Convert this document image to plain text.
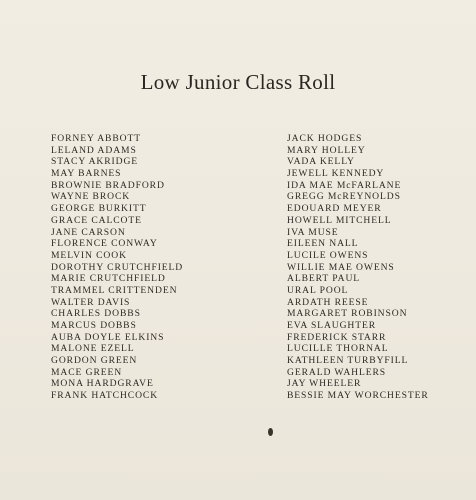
Low Junior Class Roll
FORNEY ABBOTT
LELAND ADAMS
STACY AKRIDGE
MAY BARNES
BROWNIE BRADFORD
WAYNE BROCK
GEORGE BURKITT
GRACE CALCOTE
JANE CARSON
FLORENCE CONWAY
MELVIN COOK
DOROTHY CRUTCHFIELD
MARIE CRUTCHFIELD
TRAMMEL CRITTENDEN
WALTER DAVIS
CHARLES DOBBS
MARCUS DOBBS
AUBA DOYLE ELKINS
MALONE EZELL
GORDON GREEN
MACE GREEN
MONA HARDGRAVE
FRANK HATCHCOCK
JACK HODGES
MARY HOLLEY
VADA KELLY
JEWELL KENNEDY
IDA MAE McFARLANE
GREGG McREYNOLDS
EDOUARD MEYER
HOWELL MITCHELL
IVA MUSE
EILEEN NALL
LUCILE OWENS
WILLIE MAE OWENS
ALBERT PAUL
URAL POOL
ARDATH REESE
MARGARET ROBINSON
EVA SLAUGHTER
FREDERICK STARR
LUCILLE THORNAL
KATHLEEN TURBYFILL
GERALD WAHLERS
JAY WHEELER
BESSIE MAY WORCHESTER
